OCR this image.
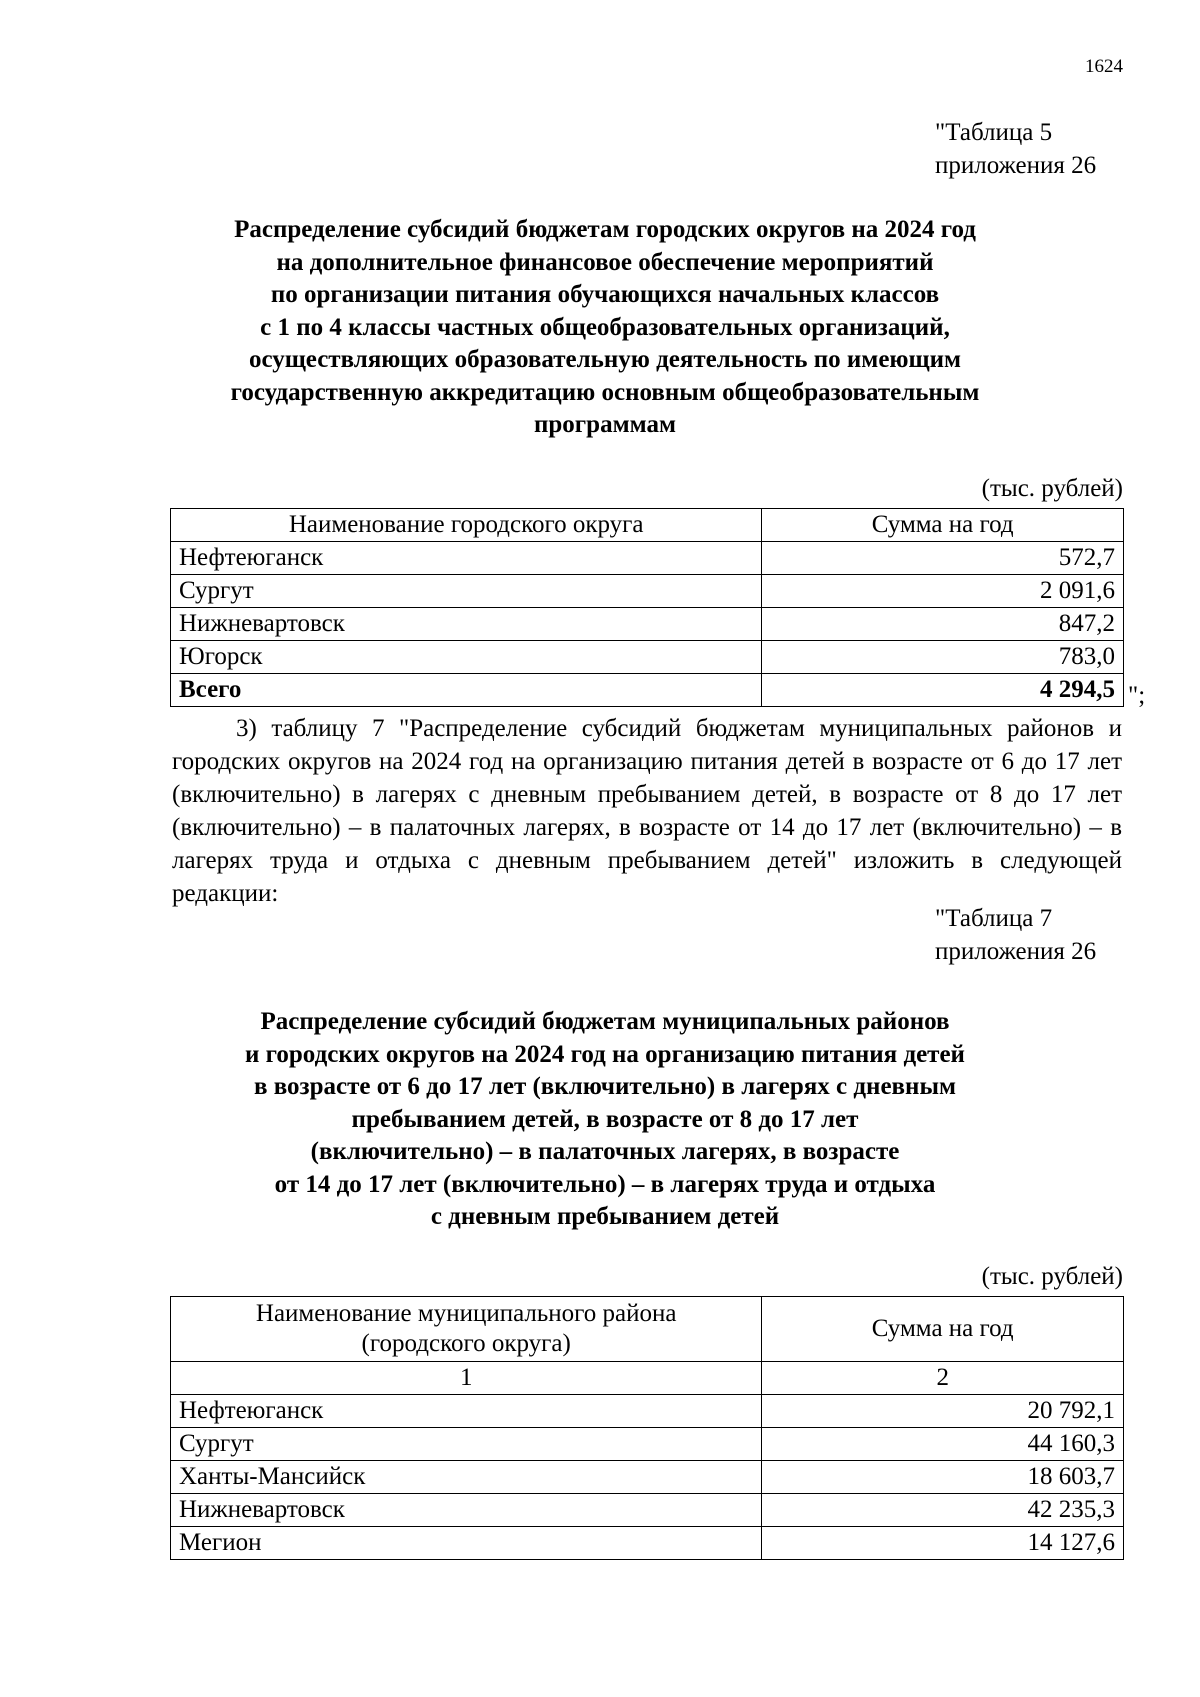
1624
"Таблица 5
приложения 26
Распределение субсидий бюджетам городских округов на 2024 год
на дополнительное финансовое обеспечение мероприятий
по организации питания обучающихся начальных классов
с 1 по 4 классы частных общеобразовательных организаций,
осуществляющих образовательную деятельность по имеющим
государственную аккредитацию основным общеобразовательным
программам
(тыс. рублей)
Наименование городского округа	Сумма на год
Нефтеюганск	572,7
Сургут	2 091,6
Нижневартовск	847,2
Югорск	783,0
Всего	4 294,5 ";

3) таблицу 7 "Распределение субсидий бюджетам муниципальных районов и городских округов на 2024 год на организацию питания детей в возрасте от 6 до 17 лет (включительно) в лагерях с дневным пребыванием детей, в возрасте от 8 до 17 лет (включительно) – в палаточных лагерях, в возрасте от 14 до 17 лет (включительно) – в лагерях труда и отдыха с дневным пребыванием детей" изложить в следующей редакции:

"Таблица 7
приложения 26
Распределение субсидий бюджетам муниципальных районов
и городских округов на 2024 год на организацию питания детей
в возрасте от 6 до 17 лет (включительно) в лагерях с дневным
пребыванием детей, в возрасте от 8 до 17 лет
(включительно) – в палаточных лагерях, в возрасте
от 14 до 17 лет (включительно) – в лагерях труда и отдыха
с дневным пребыванием детей
(тыс. рублей)
Наименование муниципального района
(городского округа)	Сумма на год
1	2
Нефтеюганск	20 792,1
Сургут	44 160,3
Ханты-Мансийск	18 603,7
Нижневартовск	42 235,3
Мегион	14 127,6
